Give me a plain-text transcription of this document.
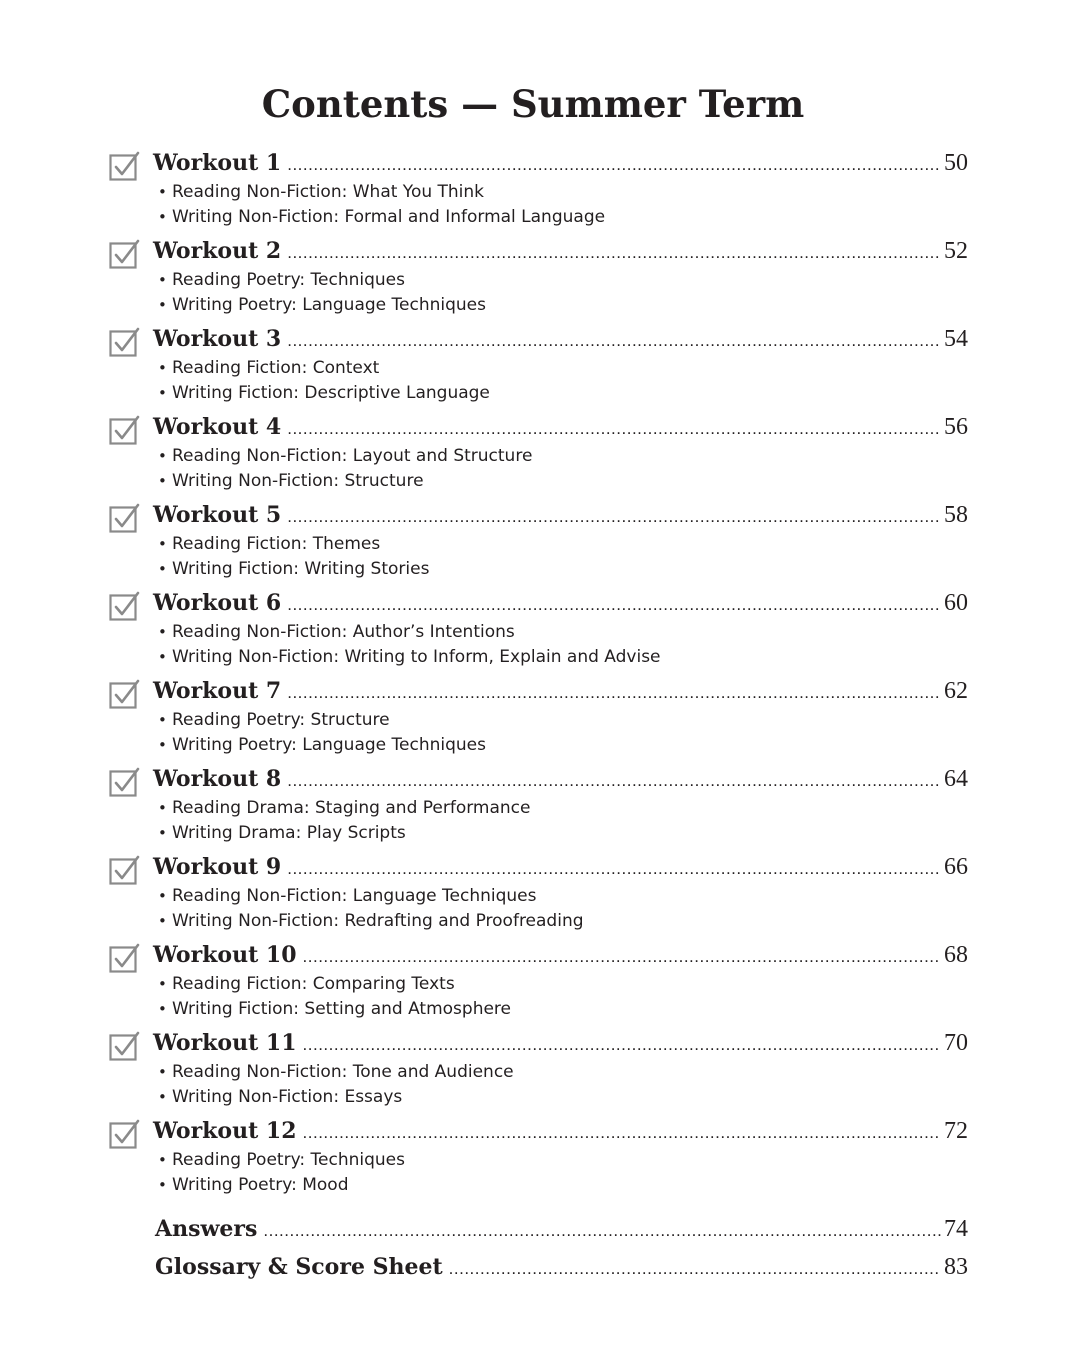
Contents — Summer Term
Workout 1 .....	50
• Reading Non-Fiction: What You Think
• Writing Non-Fiction: Formal and Informal Language
Workout 2 .....	52
• Reading Poetry: Techniques
• Writing Poetry: Language Techniques
Workout 3 .....	54
• Reading Fiction: Context
• Writing Fiction: Descriptive Language
Workout 4 .....	56
• Reading Non-Fiction: Layout and Structure
• Writing Non-Fiction: Structure
Workout 5 .....	58
• Reading Fiction: Themes
• Writing Fiction: Writing Stories
Workout 6 .....	60
• Reading Non-Fiction: Author’s Intentions
• Writing Non-Fiction: Writing to Inform, Explain and Advise
Workout 7 .....	62
• Reading Poetry: Structure
• Writing Poetry: Language Techniques
Workout 8 .....	64
• Reading Drama: Staging and Performance
• Writing Drama: Play Scripts
Workout 9 .....	66
• Reading Non-Fiction: Language Techniques
• Writing Non-Fiction: Redrafting and Proofreading
Workout 10 .....	68
• Reading Fiction: Comparing Texts
• Writing Fiction: Setting and Atmosphere
Workout 11 .....	70
• Reading Non-Fiction: Tone and Audience
• Writing Non-Fiction: Essays
Workout 12 .....	72
• Reading Poetry: Techniques
• Writing Poetry: Mood
Answers .....	74
Glossary & Score Sheet .....	83
